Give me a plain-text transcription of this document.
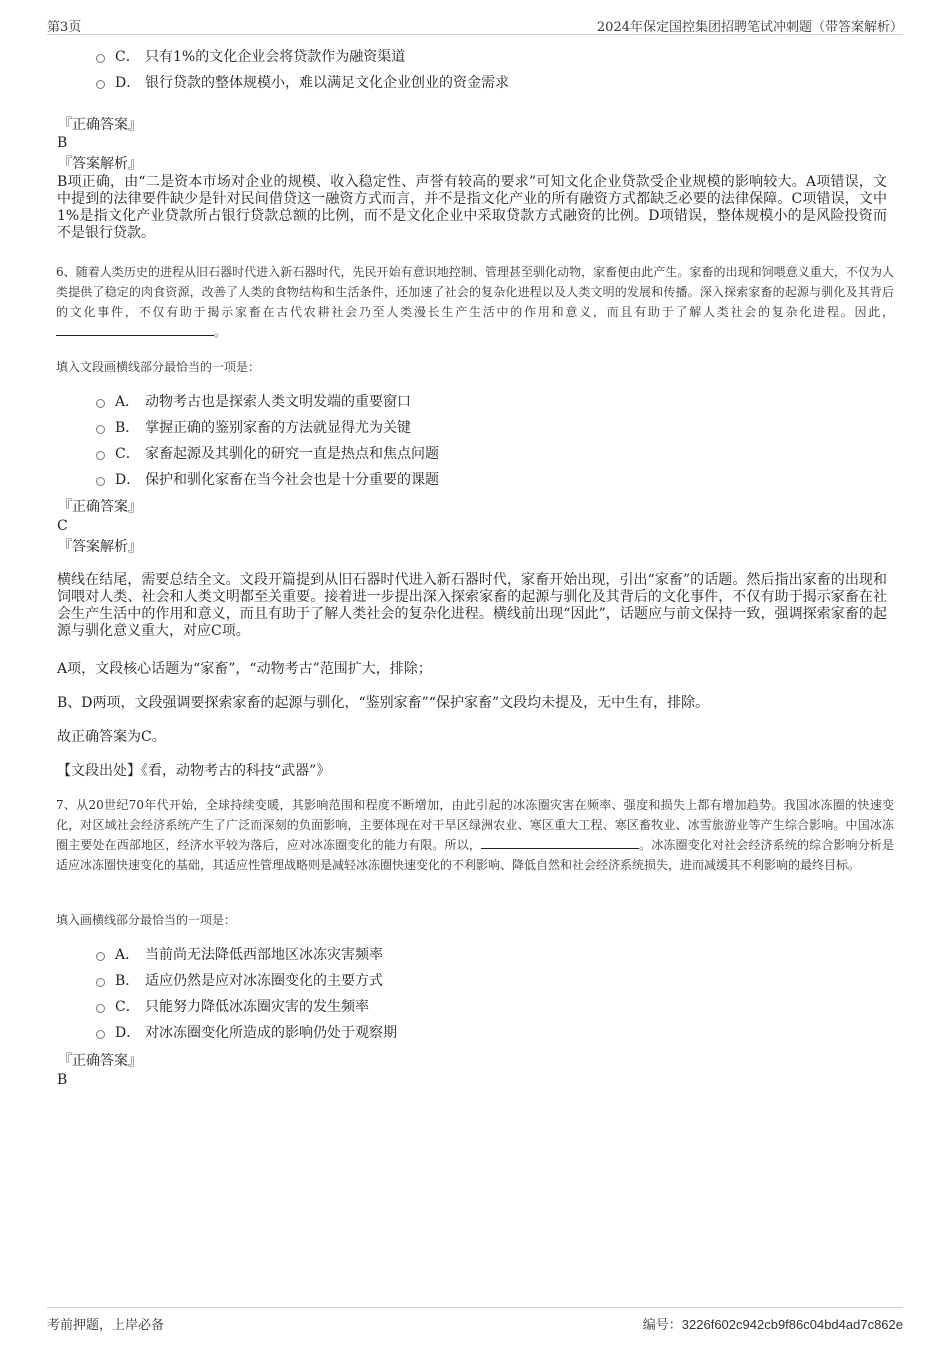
第3页	2024年保定国控集团招聘笔试冲刺题（带答案解析）
C． 只有1%的文化企业会将贷款作为融资渠道
D． 银行贷款的整体规模小，难以满足文化企业创业的资金需求
『正确答案』
B
『答案解析』
B项正确，由“二是资本市场对企业的规模、收入稳定性、声誉有较高的要求”可知文化企业贷款受企业规模的影响较大。A项错误，文中提到的法律要件缺少是针对民间借贷这一融资方式而言，并不是指文化产业的所有融资方式都缺乏必要的法律保障。C项错误，文中1%是指文化产业贷款所占银行贷款总额的比例，而不是文化企业中采取贷款方式融资的比例。D项错误，整体规模小的是风险投资而不是银行贷款。
6、随着人类历史的进程从旧石器时代进入新石器时代，先民开始有意识地控制、管理甚至驯化动物，家畜便由此产生。家畜的出现和饲喂意义重大，不仅为人类提供了稳定的肉食资源，改善了人类的食物结构和生活条件，还加速了社会的复杂化进程以及人类文明的发展和传播。深入探索家畜的起源与驯化及其背后的文化事件，不仅有助于揭示家畜在古代农耕社会乃至人类漫长生产生活中的作用和意义，而且有助于了解人类社会的复杂化进程。因此，。
填入文段画横线部分最恰当的一项是：
A． 动物考古也是探索人类文明发端的重要窗口
B． 掌握正确的鉴别家畜的方法就显得尤为关键
C． 家畜起源及其驯化的研究一直是热点和焦点问题
D． 保护和驯化家畜在当今社会也是十分重要的课题
『正确答案』
C
『答案解析』
横线在结尾，需要总结全文。文段开篇提到从旧石器时代进入新石器时代，家畜开始出现，引出“家畜”的话题。然后指出家畜的出现和饲喂对人类、社会和人类文明都至关重要。接着进一步提出深入探索家畜的起源与驯化及其背后的文化事件，不仅有助于揭示家畜在社会生产生活中的作用和意义，而且有助于了解人类社会的复杂化进程。横线前出现“因此”，话题应与前文保持一致，强调探索家畜的起源与驯化意义重大，对应C项。
A项，文段核心话题为“家畜”，“动物考古”范围扩大，排除；
B、D两项，文段强调要探索家畜的起源与驯化，“鉴别家畜”“保护家畜”文段均未提及，无中生有，排除。
故正确答案为C。
【文段出处】《看，动物考古的科技“武器”》
7、从20世纪70年代开始，全球持续变暖，其影响范围和程度不断增加，由此引起的冰冻圈灾害在频率、强度和损失上都有增加趋势。我国冰冻圈的快速变化，对区域社会经济系统产生了广泛而深刻的负面影响，主要体现在对干旱区绿洲农业、寒区重大工程、寒区畜牧业、冰雪旅游业等产生综合影响。中国冰冻圈主要处在西部地区，经济水平较为落后，应对冰冻圈变化的能力有限。所以，	。冰冻圈变化对社会经济系统的综合影响分析是适应冰冻圈快速变化的基础，其适应性管理战略则是减轻冰冻圈快速变化的不利影响、降低自然和社会经济系统损失，进而减缓其不利影响的最终目标。
填入画横线部分最恰当的一项是：
A． 当前尚无法降低西部地区冰冻灾害频率
B． 适应仍然是应对冰冻圈变化的主要方式
C． 只能努力降低冰冻圈灾害的发生频率
D． 对冰冻圈变化所造成的影响仍处于观察期
『正确答案』
B
考前押题，上岸必备	编号：3226f602c942cb9f86c04bd4ad7c862e
